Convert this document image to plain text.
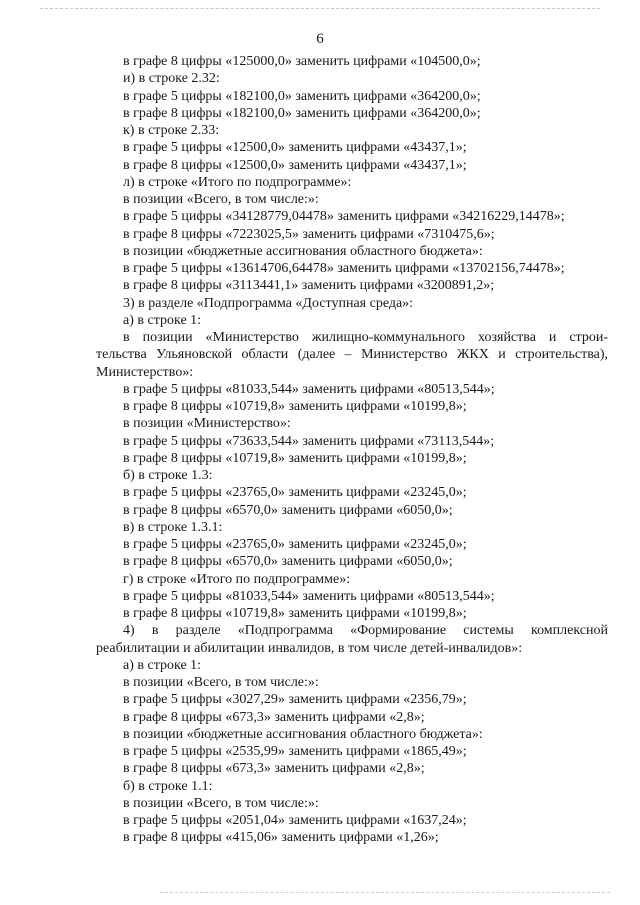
6
в графе 8 цифры «125000,0» заменить цифрами «104500,0»;
и) в строке 2.32:
в графе 5 цифры «182100,0» заменить цифрами «364200,0»;
в графе 8 цифры «182100,0» заменить цифрами «364200,0»;
к) в строке 2.33:
в графе 5 цифры «12500,0» заменить цифрами «43437,1»;
в графе 8 цифры «12500,0» заменить цифрами «43437,1»;
л) в строке «Итого по подпрограмме»:
в позиции «Всего, в том числе:»:
в графе 5 цифры «34128779,04478» заменить цифрами «34216229,14478»;
в графе 8 цифры «7223025,5» заменить цифрами «7310475,6»;
в позиции «бюджетные ассигнования областного бюджета»:
в графе 5 цифры «13614706,64478» заменить цифрами «13702156,74478»;
в графе 8 цифры «3113441,1» заменить цифрами «3200891,2»;
3) в разделе «Подпрограмма «Доступная среда»:
а) в строке 1:
в позиции «Министерство жилищно-коммунального хозяйства и строи-
тельства Ульяновской области (далее – Министерство ЖКХ и строительства),
Министерство»:
в графе 5 цифры «81033,544» заменить цифрами «80513,544»;
в графе 8 цифры «10719,8» заменить цифрами «10199,8»;
в позиции «Министерство»:
в графе 5 цифры «73633,544» заменить цифрами «73113,544»;
в графе 8 цифры «10719,8» заменить цифрами «10199,8»;
б) в строке 1.3:
в графе 5 цифры «23765,0» заменить цифрами «23245,0»;
в графе 8 цифры «6570,0» заменить цифрами «6050,0»;
в) в строке 1.3.1:
в графе 5 цифры «23765,0» заменить цифрами «23245,0»;
в графе 8 цифры «6570,0» заменить цифрами «6050,0»;
г) в строке «Итого по подпрограмме»:
в графе 5 цифры «81033,544» заменить цифрами «80513,544»;
в графе 8 цифры «10719,8» заменить цифрами «10199,8»;
4) в разделе «Подпрограмма «Формирование системы комплексной
реабилитации и абилитации инвалидов, в том числе детей-инвалидов»:
а) в строке 1:
в позиции «Всего, в том числе:»:
в графе 5 цифры «3027,29» заменить цифрами «2356,79»;
в графе 8 цифры «673,3» заменить цифрами «2,8»;
в позиции «бюджетные ассигнования областного бюджета»:
в графе 5 цифры «2535,99» заменить цифрами «1865,49»;
в графе 8 цифры «673,3» заменить цифрами «2,8»;
б) в строке 1.1:
в позиции «Всего, в том числе:»:
в графе 5 цифры «2051,04» заменить цифрами «1637,24»;
в графе 8 цифры «415,06» заменить цифрами «1,26»;
